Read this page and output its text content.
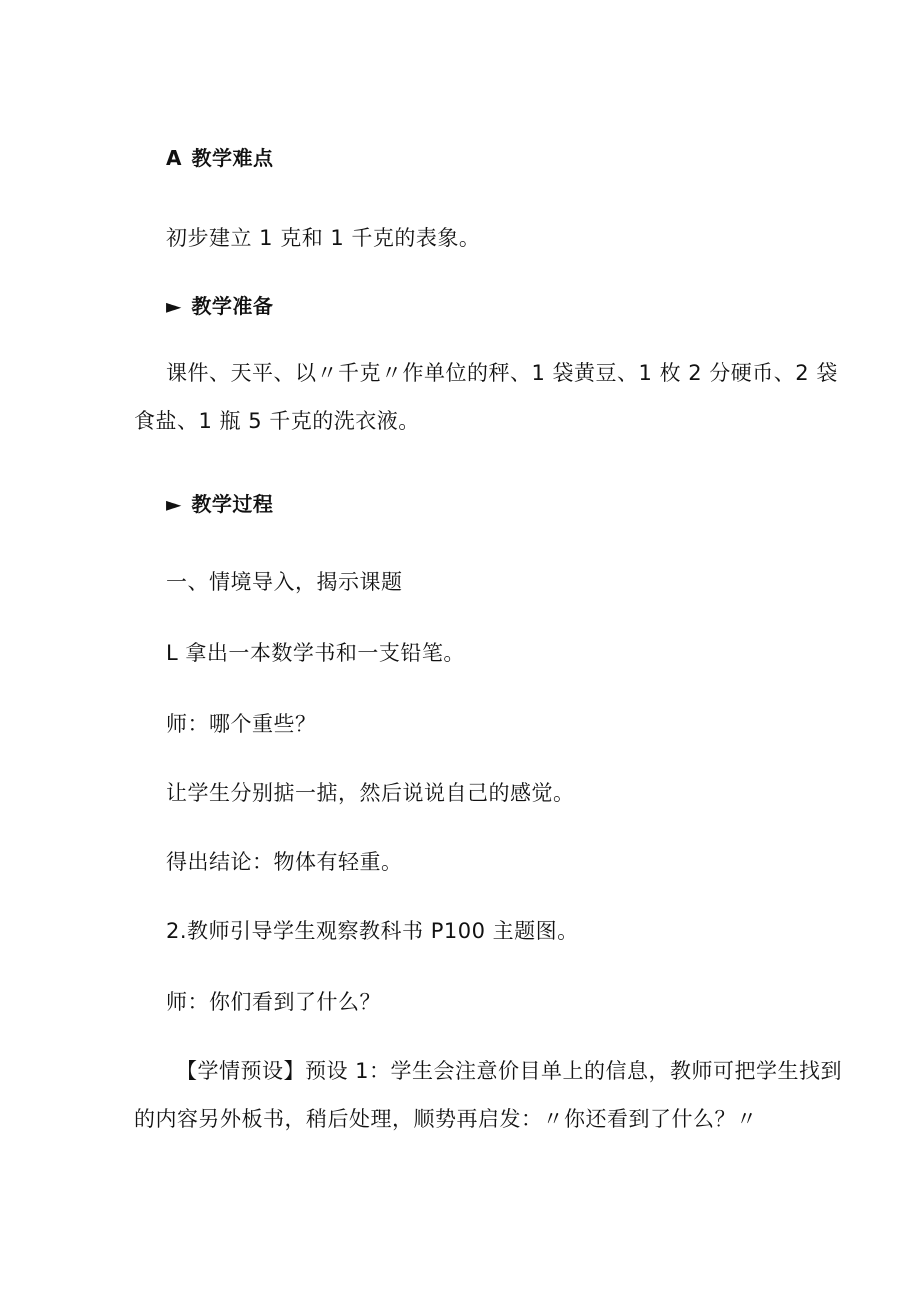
A 教学难点
初步建立 1 克和 1 千克的表象。
► 教学准备
课件、天平、以〃千克〃作单位的秤、1 袋黄豆、1 枚 2 分硬币、2 袋
食盐、1 瓶 5 千克的洗衣液。
► 教学过程
一、情境导入，揭示课题
L 拿出一本数学书和一支铅笔。
师：哪个重些？
让学生分别掂一掂，然后说说自己的感觉。
得出结论：物体有轻重。
2.教师引导学生观察教科书 P100 主题图。
师：你们看到了什么？
【学情预设】预设 1：学生会注意价目单上的信息，教师可把学生找到
的内容另外板书，稍后处理，顺势再启发：〃你还看到了什么？〃
